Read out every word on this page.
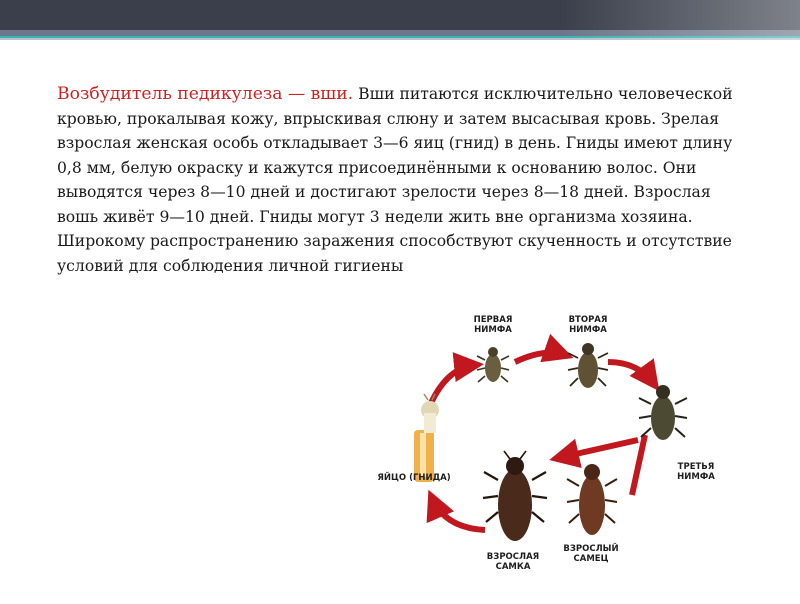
Возбудитель педикулеза — вши. Вши питаются исключительно человеческой кровью, прокалывая кожу, впрыскивая слюну и затем высасывая кровь. Зрелая взрослая женская особь откладывает 3—6 яиц (гнид) в день. Гниды имеют длину 0,8 мм, белую окраску и кажутся присоединёнными к основанию волос. Они выводятся через 8—10 дней и достигают зрелости через 8—18 дней. Взрослая вошь живёт 9—10 дней. Гниды могут 3 недели жить вне организма хозяина. Широкому распространению заражения способствуют скученность и отсутствие условий для соблюдения личной гигиены
ПЕРВАЯ
НИМФА
ВТОРАЯ
НИМФА
ТРЕТЬЯ
НИМФА
ВЗРОСЛЫЙ
САМЕЦ
ВЗРОСЛАЯ
САМКА
ЯЙЦО (ГНИДА)
